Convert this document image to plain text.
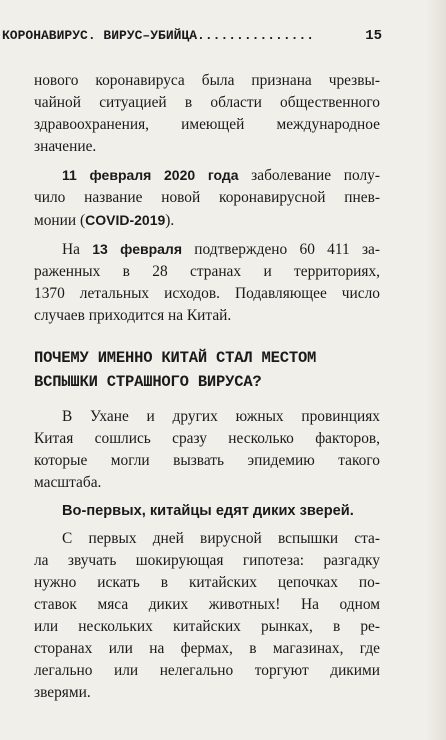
КОРОНАВИРУС. ВИРУС–УБИЙЦА ...............	15

нового коронавируса была признана чрезвы-
чайной ситуацией в области общественного
здравоохранения, имеющей международное
значение.

11 февраля 2020 года заболевание полу-
чило название новой коронавирусной пнев-
монии (COVID-2019).

На 13 февраля подтверждено 60 411 за-
раженных в 28 странах и территориях,
1370 летальных исходов. Подавляющее число
случаев приходится на Китай.

ПОЧЕМУ ИМЕННО КИТАЙ СТАЛ МЕСТОМ
ВСПЫШКИ СТРАШНОГО ВИРУСА?

В Ухане и других южных провинциях
Китая сошлись сразу несколько факторов,
которые могли вызвать эпидемию такого
масштаба.

Во-первых, китайцы едят диких зверей.

С первых дней вирусной вспышки ста-
ла звучать шокирующая гипотеза: разгадку
нужно искать в китайских цепочках по-
ставок мяса диких животных! На одном
или нескольких китайских рынках, в ре-
сторанах или на фермах, в магазинах, где
легально или нелегально торгуют дикими
зверями.
